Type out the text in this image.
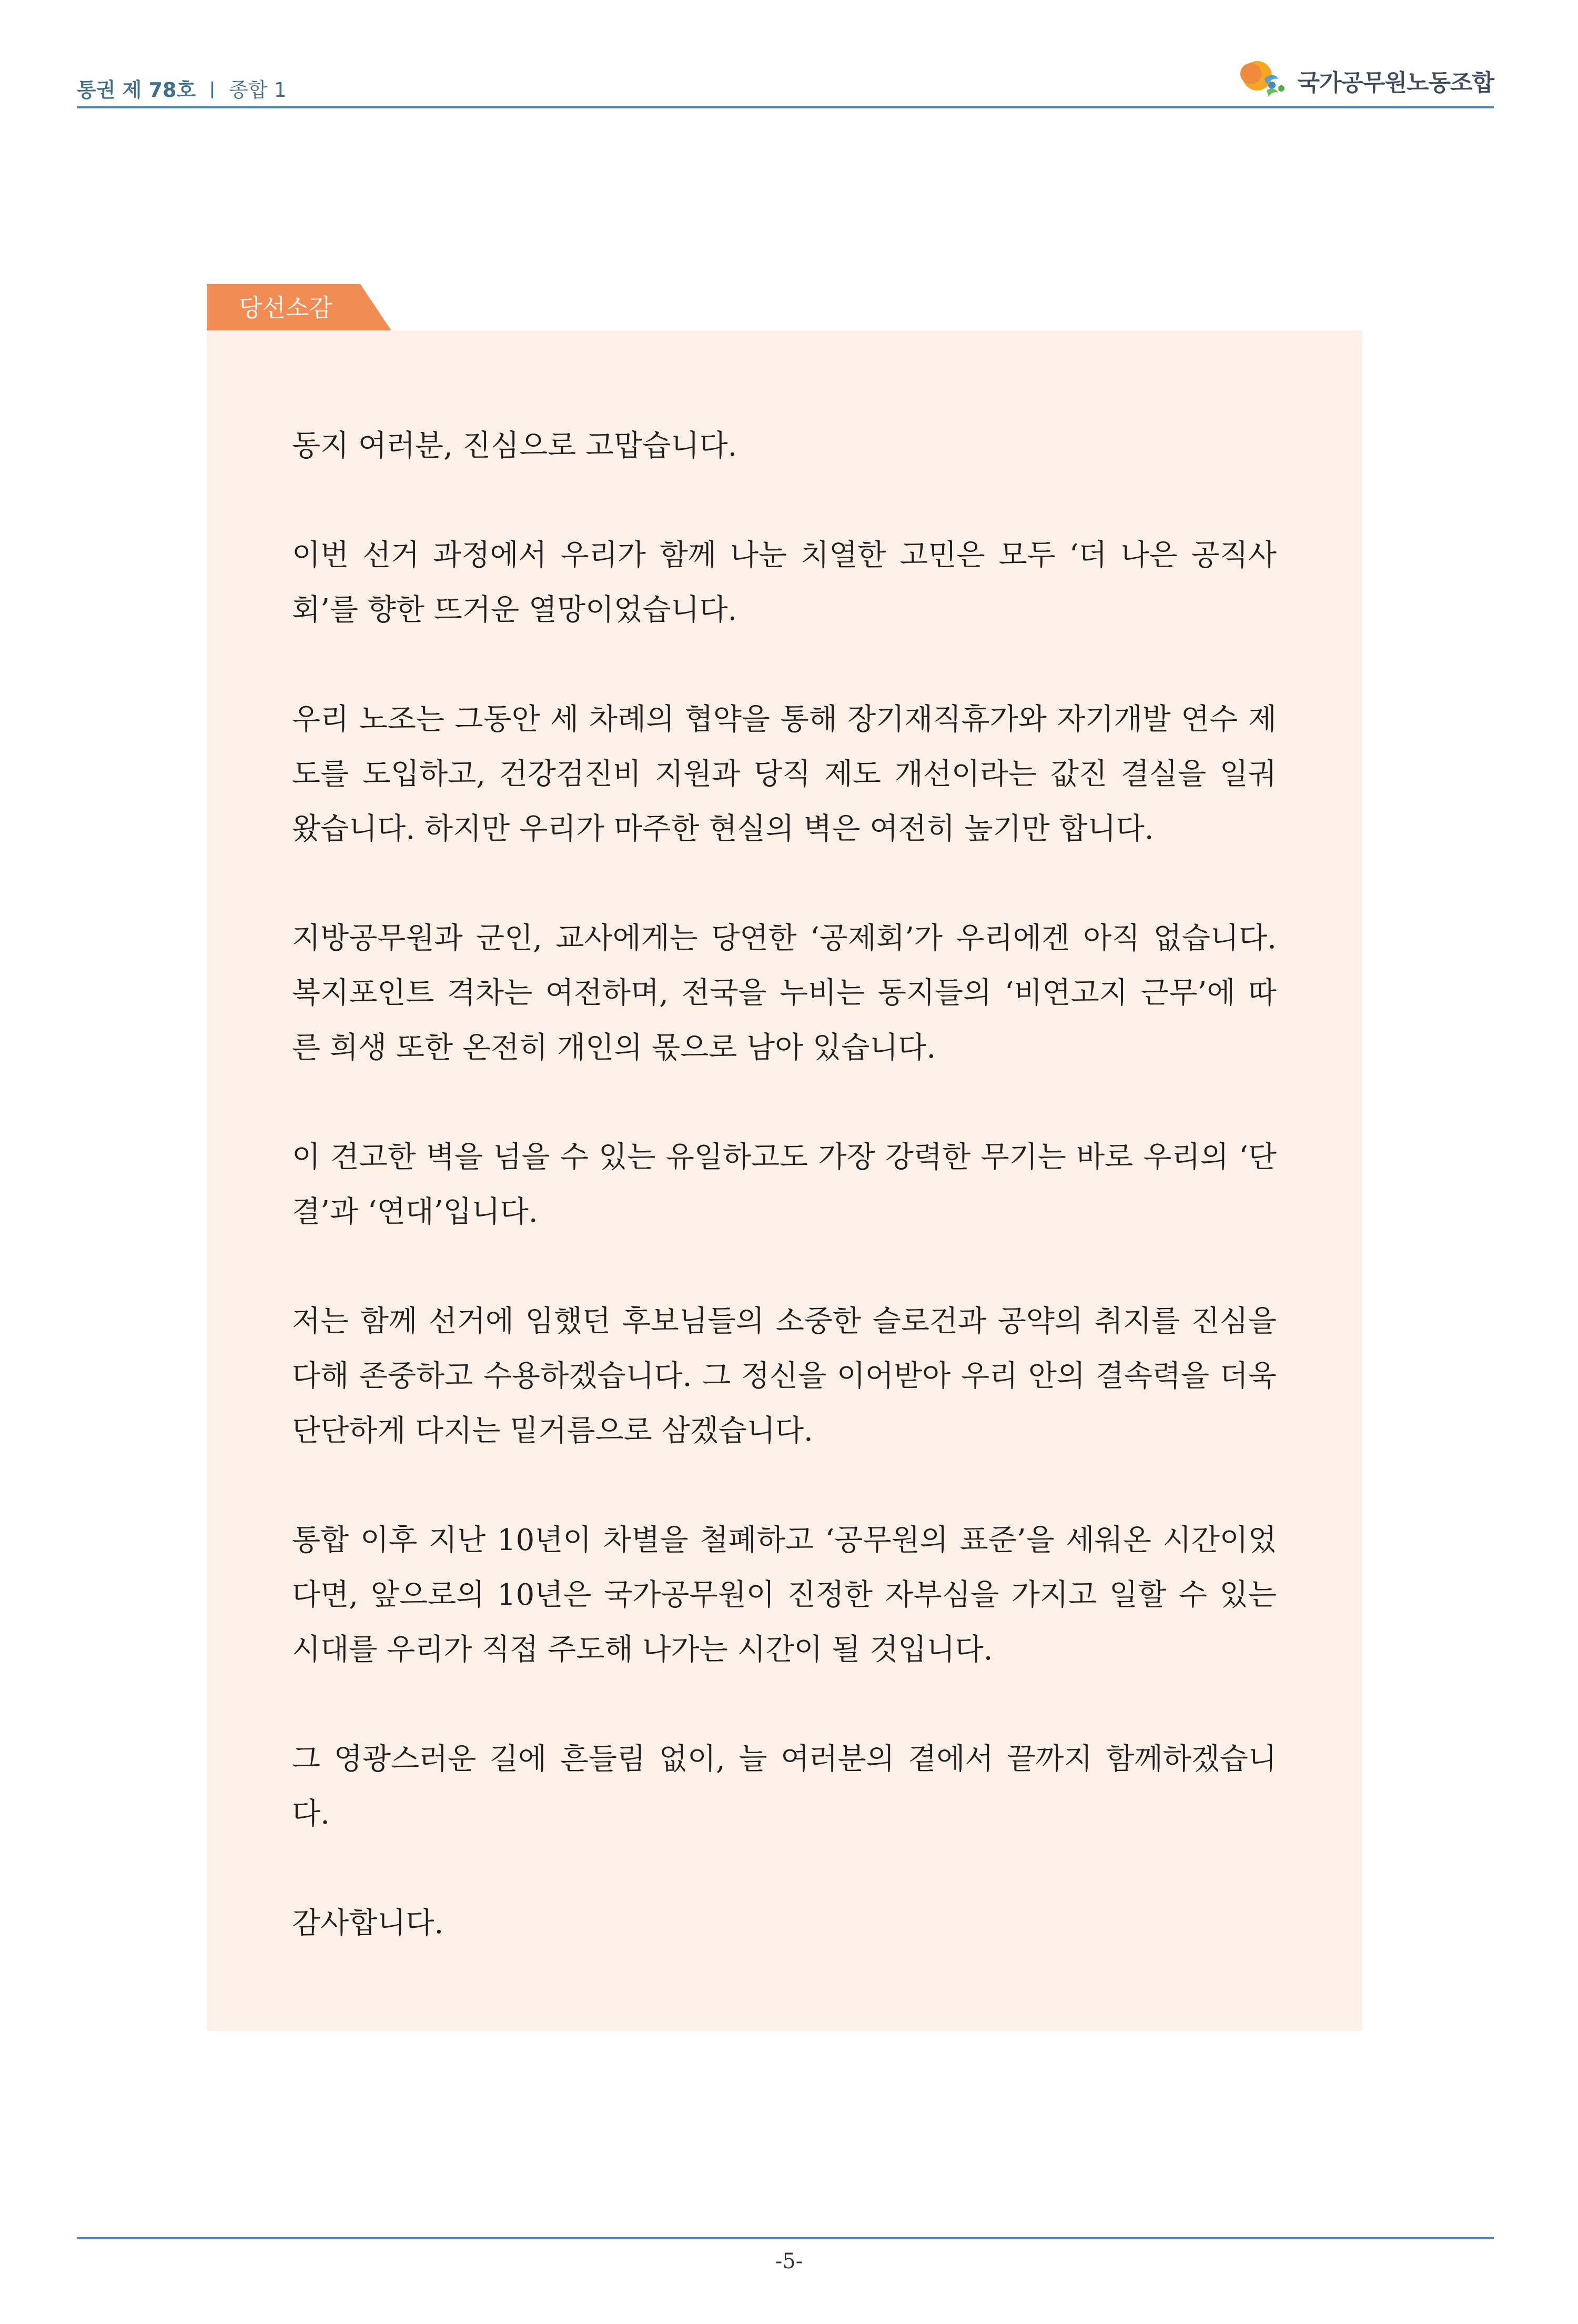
통권 제 78호 종합 1	국가공무원노동조합
당선소감

동지 여러분, 진심으로 고맙습니다.

이번 선거 과정에서 우리가 함께 나눈 치열한 고민은 모두 ‘더 나은 공직사회’를 향한 뜨거운 열망이었습니다.

우리 노조는 그동안 세 차례의 협약을 통해 장기재직휴가와 자기개발 연수 제도를 도입하고, 건강검진비 지원과 당직 제도 개선이라는 값진 결실을 일궈 왔습니다. 하지만 우리가 마주한 현실의 벽은 여전히 높기만 합니다.

지방공무원과 군인, 교사에게는 당연한 ‘공제회’가 우리에겐 아직 없습니다. 복지포인트 격차는 여전하며, 전국을 누비는 동지들의 ‘비연고지 근무’에 따른 희생 또한 온전히 개인의 몫으로 남아 있습니다.

이 견고한 벽을 넘을 수 있는 유일하고도 가장 강력한 무기는 바로 우리의 ‘단결’과 ‘연대’입니다.

저는 함께 선거에 임했던 후보님들의 소중한 슬로건과 공약의 취지를 진심을 다해 존중하고 수용하겠습니다. 그 정신을 이어받아 우리 안의 결속력을 더욱 단단하게 다지는 밑거름으로 삼겠습니다.

통합 이후 지난 10년이 차별을 철폐하고 ‘공무원의 표준’을 세워온 시간이었다면, 앞으로의 10년은 국가공무원이 진정한 자부심을 가지고 일할 수 있는 시대를 우리가 직접 주도해 나가는 시간이 될 것입니다.

그 영광스러운 길에 흔들림 없이, 늘 여러분의 곁에서 끝까지 함께하겠습니다.

감사합니다.

-5-
